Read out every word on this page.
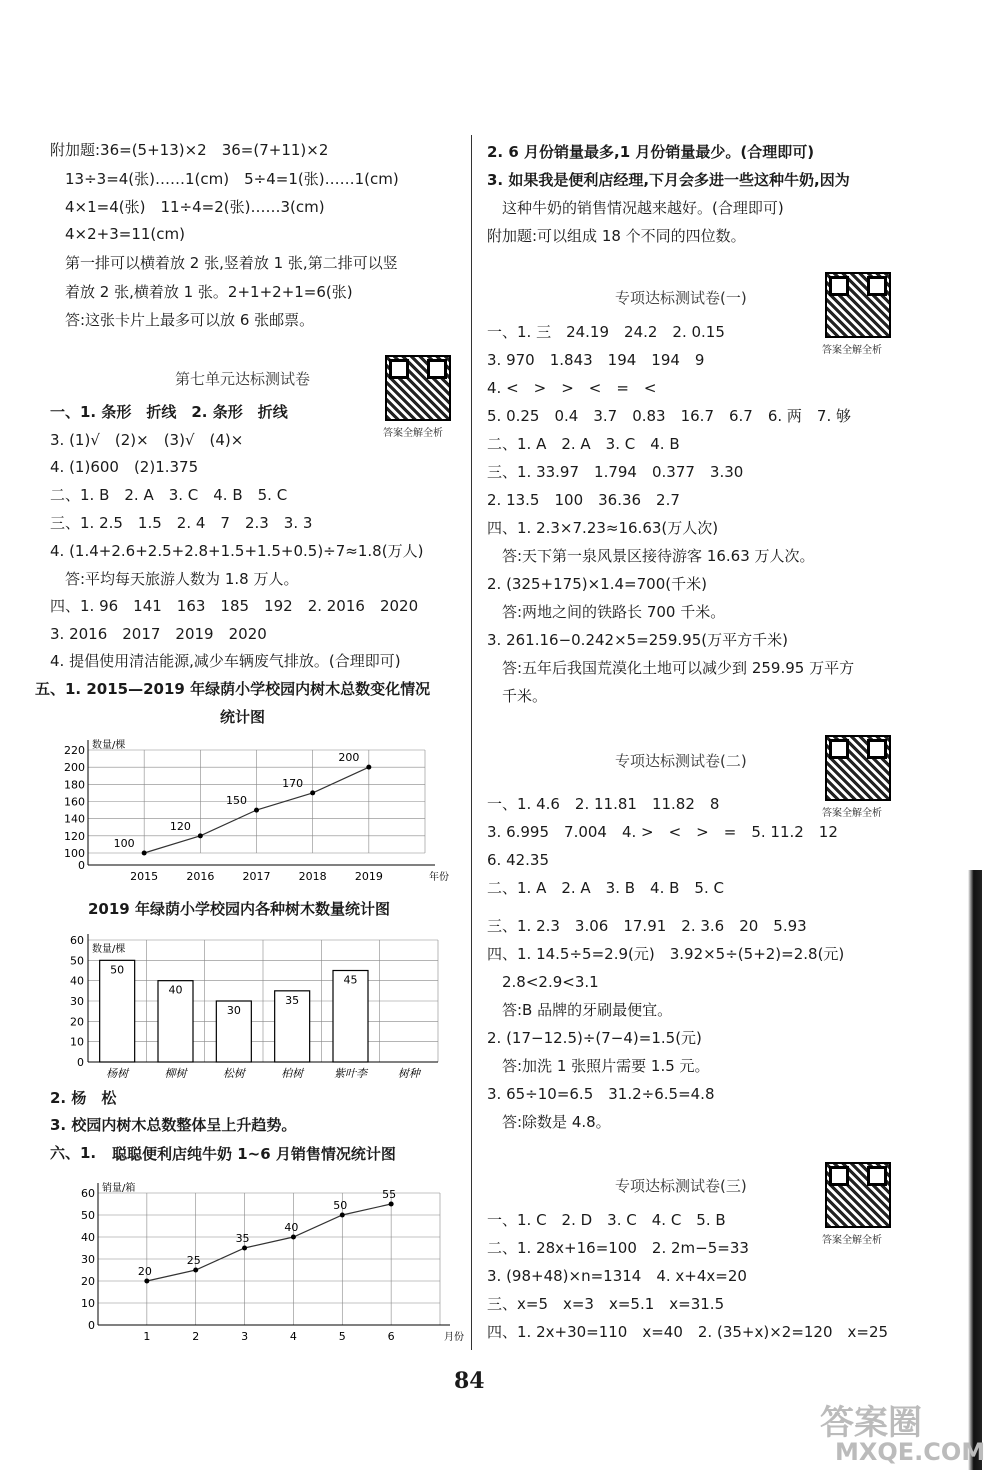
附加题:36=(5+13)×2　36=(7+11)×2
13÷3=4(张)……1(cm)　5÷4=1(张)……1(cm)
4×1=4(张)　11÷4=2(张)……3(cm)
4×2+3=11(cm)
第一排可以横着放 2 张,竖着放 1 张,第二排可以竖
着放 2 张,横着放 1 张。2+1+2+1=6(张)
答:这张卡片上最多可以放 6 张邮票。
第七单元达标测试卷
答案全解全析
一、1. 条形　折线　2. 条形　折线
3. (1)√　(2)×　(3)√　(4)×
4. (1)600　(2)1.375
二、1. B　2. A　3. C　4. B　5. C
三、1. 2.5　1.5　2. 4　7　2.3　3. 3
4. (1.4+2.6+2.5+2.8+1.5+1.5+0.5)÷7≈1.8(万人)
　答:平均每天旅游人数为 1.8 万人。
四、1. 96　141　163　185　192　2. 2016　2020
3. 2016　2017　2019　2020
4. 提倡使用清洁能源,减少车辆废气排放。(合理即可)
五、1. 2015—2019 年绿荫小学校园内树木总数变化情况
统计图
0
100
120
140
160
180
200
220
2015	2016	2017	2018	2019
数量/棵
年份
100
120
150
170
200
2019 年绿荫小学校园内各种树木数量统计图
0
10
20
30
40
50
60
50
杨树
40
柳树
30
松树
35
柏树
45
紫叶李	树种
数量/棵
2. 杨　松
3. 校园内树木总数整体呈上升趋势。
六、1. 聪聪便利店纯牛奶 1~6 月销售情况统计图
0
10
20
30
40
50
60
1	2	3	4	5	6
销量/箱
月份
20
25
35
40
50
55
2. 6 月份销量最多,1 月份销量最少。(合理即可)
3. 如果我是便利店经理,下月会多进一些这种牛奶,因为
　这种牛奶的销售情况越来越好。(合理即可)
附加题:可以组成 18 个不同的四位数。
专项达标测试卷(一)
答案全解全析
一、1. 三　24.19　24.2　2. 0.15
3. 970　1.843　194　194　9
4. <　>　>　<　=　<
5. 0.25　0.4　3.7　0.83　16.7　6.7　6. 两　7. 够
二、1. A　2. A　3. C　4. B
三、1. 33.97　1.794　0.377　3.30
2. 13.5　100　36.36　2.7
四、1. 2.3×7.23≈16.63(万人次)
　答:天下第一泉风景区接待游客 16.63 万人次。
2. (325+175)×1.4=700(千米)
　答:两地之间的铁路长 700 千米。
3. 261.16−0.242×5=259.95(万平方千米)
　答:五年后我国荒漠化土地可以减少到 259.95 万平方
　千米。
专项达标测试卷(二)
答案全解全析
一、1. 4.6　2. 11.81　11.82　8
3. 6.995　7.004　4. >　<　>　=　5. 11.2　12
6. 42.35
二、1. A　2. A　3. B　4. B　5. C
三、1. 2.3　3.06　17.91　2. 3.6　20　5.93
四、1. 14.5÷5=2.9(元)　3.92×5÷(5+2)=2.8(元)
　2.8<2.9<3.1
　答:B 品牌的牙刷最便宜。
2. (17−12.5)÷(7−4)=1.5(元)
　答:加洗 1 张照片需要 1.5 元。
3. 65÷10=6.5　31.2÷6.5=4.8
　答:除数是 4.8。
专项达标测试卷(三)
答案全解全析
一、1. C　2. D　3. C　4. C　5. B
二、1. 28x+16=100　2. 2m−5=33
3. (98+48)×n=1314　4. x+4x=20
三、x=5　x=3　x=5.1　x=31.5
四、1. 2x+30=110　x=40　2. (35+x)×2=120　x=25
84
答案圈
MXQE.COM
